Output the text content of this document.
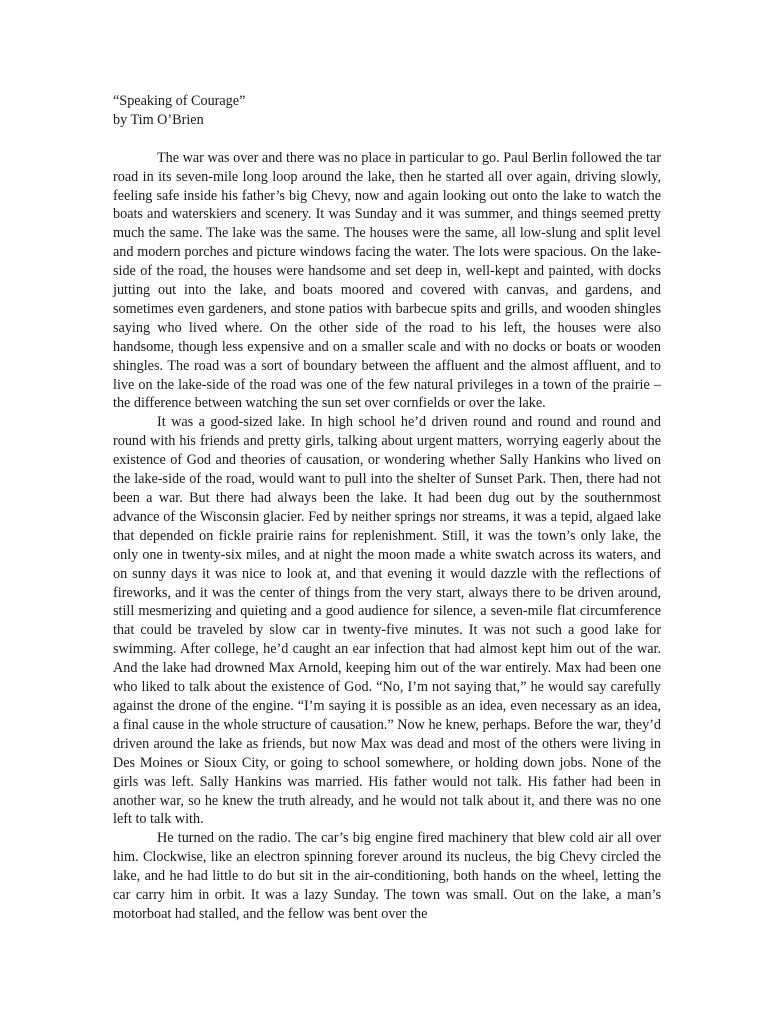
“Speaking of Courage”

by Tim O’Brien

The war was over and there was no place in particular to go. Paul Berlin followed the tar road in its seven-mile long loop around the lake, then he started all over again, driving slowly, feeling safe inside his father’s big Chevy, now and again looking out onto the lake to watch the boats and waterskiers and scenery. It was Sunday and it was summer, and things seemed pretty much the same. The lake was the same. The houses were the same, all low-slung and split level and modern porches and picture windows facing the water. The lots were spacious. On the lake-side of the road, the houses were handsome and set deep in, well-kept and painted, with docks jutting out into the lake, and boats moored and covered with canvas, and gardens, and sometimes even gardeners, and stone patios with barbecue spits and grills, and wooden shingles saying who lived where. On the other side of the road to his left, the houses were also handsome, though less expensive and on a smaller scale and with no docks or boats or wooden shingles. The road was a sort of boundary between the affluent and the almost affluent, and to live on the lake-side of the road was one of the few natural privileges in a town of the prairie – the difference between watching the sun set over cornfields or over the lake.

It was a good-sized lake. In high school he’d driven round and round and round and round with his friends and pretty girls, talking about urgent matters, worrying eagerly about the existence of God and theories of causation, or wondering whether Sally Hankins who lived on the lake-side of the road, would want to pull into the shelter of Sunset Park. Then, there had not been a war. But there had always been the lake. It had been dug out by the southernmost advance of the Wisconsin glacier. Fed by neither springs nor streams, it was a tepid, algaed lake that depended on fickle prairie rains for replenishment. Still, it was the town’s only lake, the only one in twenty-six miles, and at night the moon made a white swatch across its waters, and on sunny days it was nice to look at, and that evening it would dazzle with the reflections of fireworks, and it was the center of things from the very start, always there to be driven around, still mesmerizing and quieting and a good audience for silence, a seven-mile flat circumference that could be traveled by slow car in twenty-five minutes. It was not such a good lake for swimming. After college, he’d caught an ear infection that had almost kept him out of the war. And the lake had drowned Max Arnold, keeping him out of the war entirely. Max had been one who liked to talk about the existence of God. “No, I’m not saying that,” he would say carefully against the drone of the engine. “I’m saying it is possible as an idea, even necessary as an idea, a final cause in the whole structure of causation.” Now he knew, perhaps. Before the war, they’d driven around the lake as friends, but now Max was dead and most of the others were living in Des Moines or Sioux City, or going to school somewhere, or holding down jobs. None of the girls was left. Sally Hankins was married. His father would not talk. His father had been in another war, so he knew the truth already, and he would not talk about it, and there was no one left to talk with.

He turned on the radio. The car’s big engine fired machinery that blew cold air all over him. Clockwise, like an electron spinning forever around its nucleus, the big Chevy circled the lake, and he had little to do but sit in the air-conditioning, both hands on the wheel, letting the car carry him in orbit. It was a lazy Sunday. The town was small. Out on the lake, a man’s motorboat had stalled, and the fellow was bent over the
